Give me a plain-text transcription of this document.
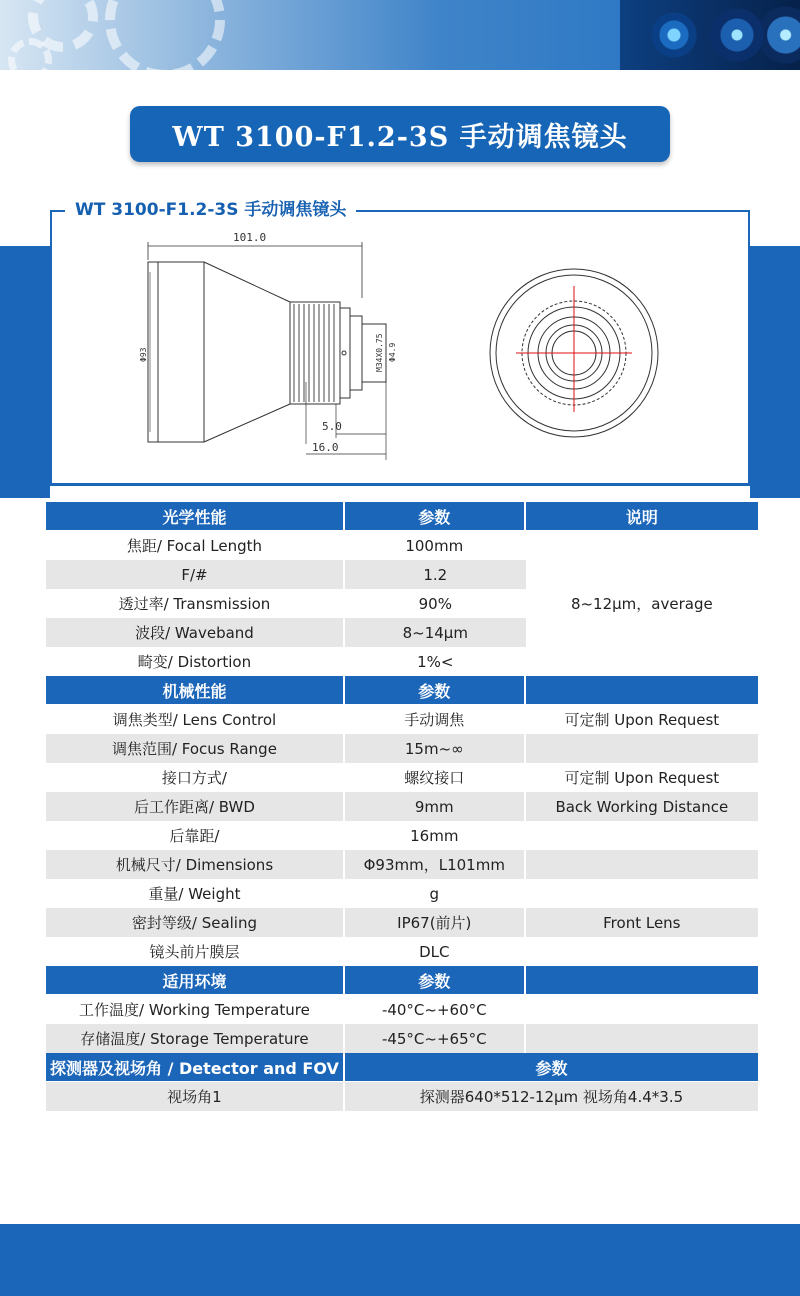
WT 3100-F1.2-3S 手动调焦镜头
WT 3100-F1.2-3S 手动调焦镜头
101.0
Φ93	M34X0.75 Φ4.9
5.0
16.0
光学性能	参数	说明
焦距/ Focal Length	100mm	8~12μm，average
F/#	1.2	
透过率/ Transmission	90%	
波段/ Waveband	8~14μm	
畸变/ Distortion	1%<	
机械性能	参数	
调焦类型/ Lens Control	手动调焦	可定制 Upon Request
调焦范围/ Focus Range	15m~∞	
接口方式/	螺纹接口	可定制 Upon Request
后工作距离/ BWD	9mm	Back Working Distance
后靠距/	16mm	
机械尺寸/ Dimensions	Φ93mm，L101mm	
重量/ Weight	g	
密封等级/ Sealing	IP67(前片)	Front Lens
镜头前片膜层	DLC	
适用环境	参数	
工作温度/ Working Temperature	-40°C~+60°C	
存储温度/ Storage Temperature	-45°C~+65°C	
探测器及视场角 / Detector and FOV	参数	
视场角1	探测器640*512-12μm 视场角4.4*3.5	
